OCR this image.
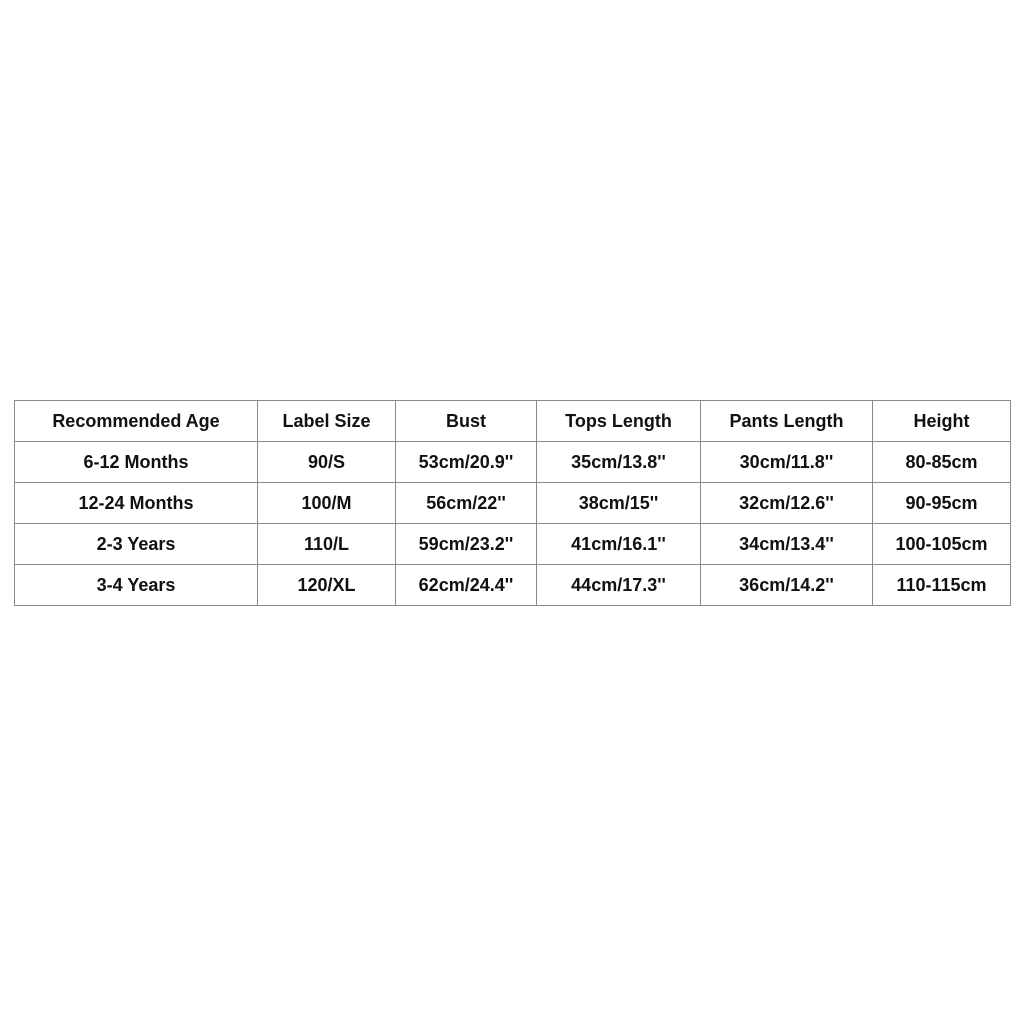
Recommended Age	Label Size	Bust	Tops Length	Pants Length	Height
6-12 Months	90/S	53cm/20.9''	35cm/13.8''	30cm/11.8''	80-85cm
12-24 Months	100/M	56cm/22''	38cm/15''	32cm/12.6''	90-95cm
2-3 Years	110/L	59cm/23.2''	41cm/16.1''	34cm/13.4''	100-105cm
3-4 Years	120/XL	62cm/24.4''	44cm/17.3''	36cm/14.2''	110-115cm
